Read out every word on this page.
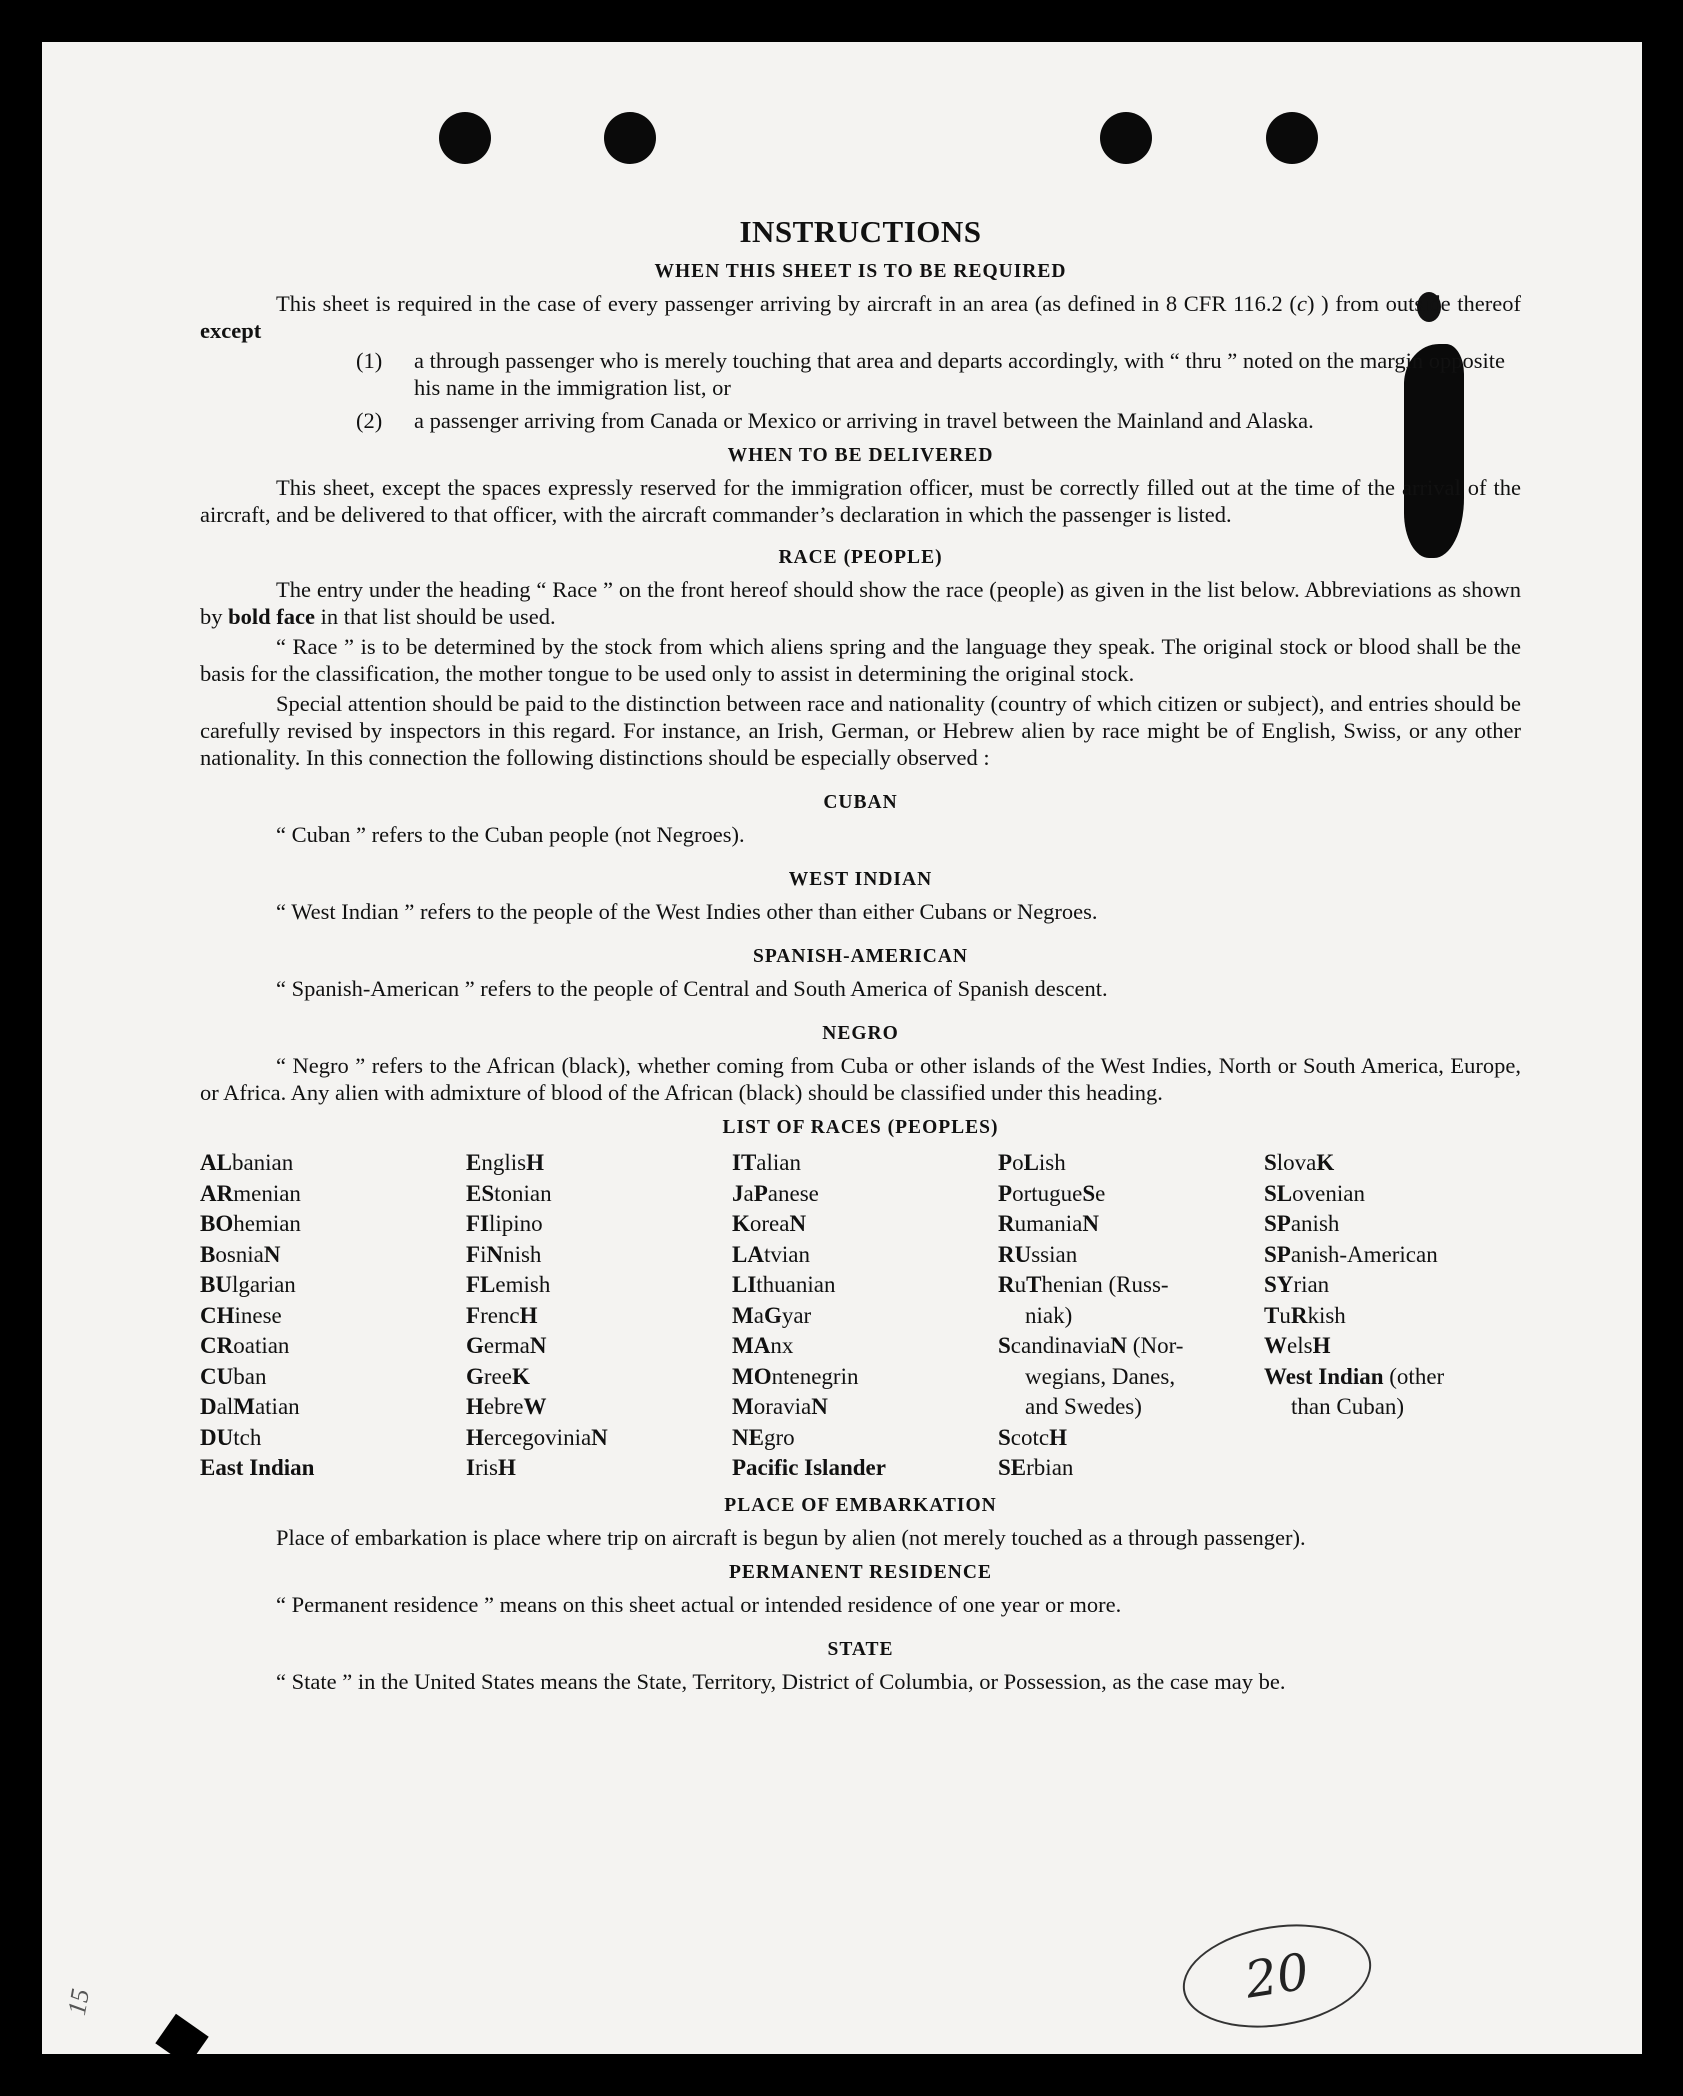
INSTRUCTIONS
WHEN THIS SHEET IS TO BE REQUIRED

This sheet is required in the case of every passenger arriving by aircraft in an area (as defined in 8 CFR 116.2 (c) ) from outside thereof except

(1)	a through passenger who is merely touching that area and departs accordingly, with “ thru ” noted on the margin opposite his name in the immigration list, or
(2)	a passenger arriving from Canada or Mexico or arriving in travel between the Mainland and Alaska.
WHEN TO BE DELIVERED

This sheet, except the spaces expressly reserved for the immigration officer, must be correctly filled out at the time of the arrival of the aircraft, and be delivered to that officer, with the aircraft commander’s declaration in which the passenger is listed.

RACE (PEOPLE)

The entry under the heading “ Race ” on the front hereof should show the race (people) as given in the list below. Abbreviations as shown by bold face in that list should be used.

“ Race ” is to be determined by the stock from which aliens spring and the language they speak. The original stock or blood shall be the basis for the classification, the mother tongue to be used only to assist in determining the original stock.

Special attention should be paid to the distinction between race and nationality (country of which citizen or subject), and entries should be carefully revised by inspectors in this regard. For instance, an Irish, German, or Hebrew alien by race might be of English, Swiss, or any other nationality. In this connection the following distinctions should be especially observed :

CUBAN

“ Cuban ” refers to the Cuban people (not Negroes).

WEST INDIAN

“ West Indian ” refers to the people of the West Indies other than either Cubans or Negroes.

SPANISH-AMERICAN

“ Spanish-American ” refers to the people of Central and South America of Spanish descent.

NEGRO

“ Negro ” refers to the African (black), whether coming from Cuba or other islands of the West Indies, North or South America, Europe, or Africa. Any alien with admixture of blood of the African (black) should be classified under this heading.

LIST OF RACES (PEOPLES)
ALbanian
ARmenian
BOhemian
BosniaN
BUlgarian
CHinese
CRoatian
CUban
DalMatian
DUtch
East Indian
EnglisH
EStonian
FIlipino
FiNnish
FLemish
FrencH
GermaN
GreeK
HebreW
HercegoviniaN
IrisH
ITalian
JaPanese
KoreaN
LAtvian
LIthuanian
MaGyar
MAnx
MOntenegrin
MoraviaN
NEgro
Pacific Islander
PoLish
PortugueSe
RumaniaN
RUssian
RuThenian (Russ-
niak)
ScandinaviaN (Nor-
wegians, Danes,
and Swedes)
ScotcH
SErbian
SlovaK
SLovenian
SPanish
SPanish-American
SYrian
TuRkish
WelsH
West Indian (other
than Cuban)
PLACE OF EMBARKATION

Place of embarkation is place where trip on aircraft is begun by alien (not merely touched as a through passenger).

PERMANENT RESIDENCE

“ Permanent residence ” means on this sheet actual or intended residence of one year or more.

STATE

“ State ” in the United States means the State, Territory, District of Columbia, or Possession, as the case may be.

20
15
